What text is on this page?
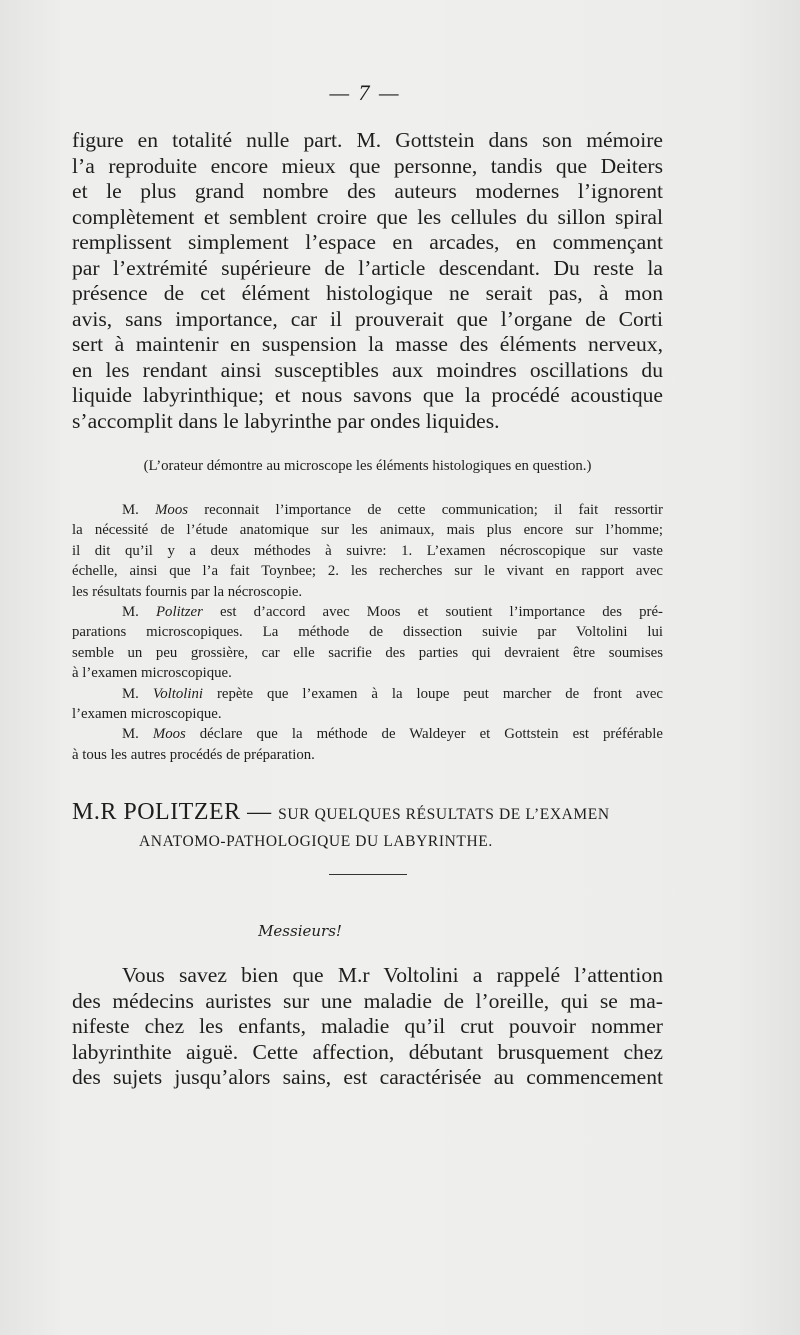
— 7 —
figure en totalité nulle part. M. Gottstein dans son mémoire
l’a reproduite encore mieux que personne, tandis que Deiters
et le plus grand nombre des auteurs modernes l’ignorent
complètement et semblent croire que les cellules du sillon spiral
remplissent simplement l’espace en arcades, en commençant
par l’extrémité supérieure de l’article descendant. Du reste la
présence de cet élément histologique ne serait pas, à mon
avis, sans importance, car il prouverait que l’organe de Corti
sert à maintenir en suspension la masse des éléments nerveux,
en les rendant ainsi susceptibles aux moindres oscillations du
liquide labyrinthique; et nous savons que la procédé acoustique
s’accomplit dans le labyrinthe par ondes liquides.
(L’orateur démontre au microscope les éléments histologiques en question.)
M. Moos reconnait l’importance de cette communication; il fait ressortir
la nécessité de l’étude anatomique sur les animaux, mais plus encore sur l’homme;
il dit qu’il y a deux méthodes à suivre: 1. L’examen nécroscopique sur vaste
échelle, ainsi que l’a fait Toynbee; 2. les recherches sur le vivant en rapport avec
les résultats fournis par la nécroscopie.
M. Politzer est d’accord avec Moos et soutient l’importance des pré-
parations microscopiques. La méthode de dissection suivie par Voltolini lui
semble un peu grossière, car elle sacrifie des parties qui devraient être soumises
à l’examen microscopique.
M. Voltolini repète que l’examen à la loupe peut marcher de front avec
l’examen microscopique.
M. Moos déclare que la méthode de Waldeyer et Gottstein est préférable
à tous les autres procédés de préparation.
M.R POLITZER — SUR QUELQUES RÉSULTATS DE L’EXAMEN
ANATOMO-PATHOLOGIQUE DU LABYRINTHE.
Messieurs!
Vous savez bien que M.r Voltolini a rappelé l’attention
des médecins auristes sur une maladie de l’oreille, qui se ma-
nifeste chez les enfants, maladie qu’il crut pouvoir nommer
labyrinthite aiguë. Cette affection, débutant brusquement chez
des sujets jusqu’alors sains, est caractérisée au commencement
